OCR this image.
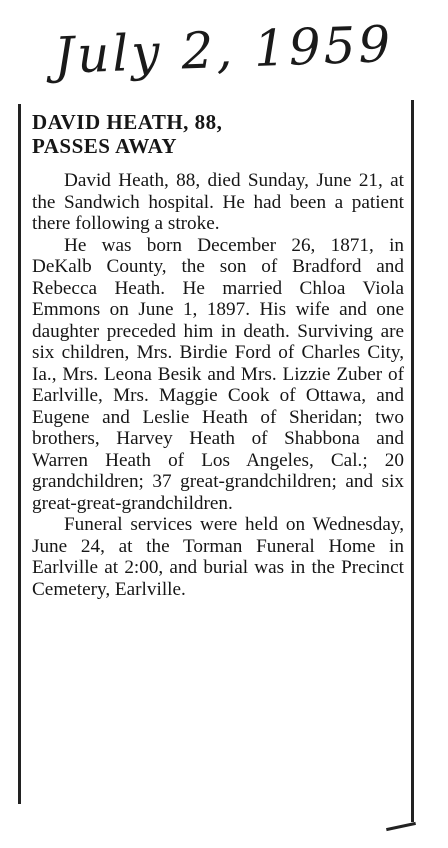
July 2, 1959
DAVID HEATH, 88,
PASSES AWAY

David Heath, 88, died Sunday, June 21, at the Sandwich hospital. He had been a patient there following a stroke.

He was born December 26, 1871, in DeKalb County, the son of Bradford and Rebecca Heath. He married Chloa Viola Emmons on June 1, 1897. His wife and one daughter preceded him in death. Surviving are six children, Mrs. Birdie Ford of Charles City, Ia., Mrs. Leona Besik and Mrs. Lizzie Zuber of Earlville, Mrs. Maggie Cook of Ottawa, and Eugene and Leslie Heath of Sheridan; two brothers, Harvey Heath of Shabbona and Warren Heath of Los Angeles, Cal.; 20 grandchildren; 37 great-grandchildren; and six great-great-grandchildren.

Funeral services were held on Wednesday, June 24, at the Torman Funeral Home in Earlville at 2:00, and burial was in the Precinct Cemetery, Earlville.
